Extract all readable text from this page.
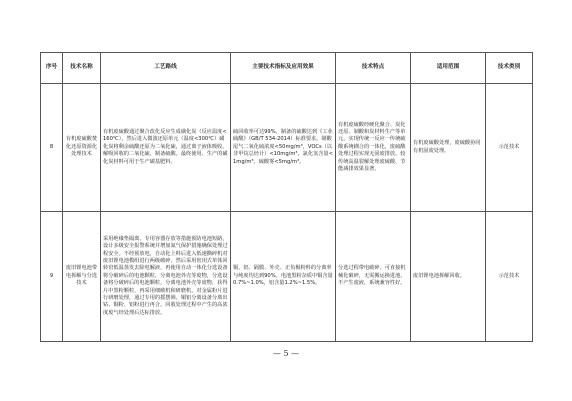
序号	技术名称	工艺路线	主要技术指标及应用效果	技术特点	适用范围	技术类别
8	有机废硫酸焚化还原资源化处理技术	有机废硫酸通过聚合改化反应生成磺化炭（反应温度<160℃），然后进入微波还原单元（温度<300℃）磺化炭将剩余硫酸还原为二氧化硫，通过离子液体吸收、解吸回收的二氧化硫，制备硫酸。最终使用、生产的磺化炭材料可用于生产碳基肥料。	硫回收率可达99%，制备的硫酸达到《工业硫酸》（GB/T 534-2014）标准要求。制酸尾气二氧化硫浓度<50mg/m³，VOCs（以非甲烷总烃计）<10mg/m³，氯化氢含量<1mg/m³，硫酸雾<5mg/m³。	有机废硫酸经硬化聚合、炭化还原、制酸和炭材料生产等单元，实现传统一反应一传统硫酸系统耦合的一体化，废硫酸处理过程实现无固废排放。较传统高温裂解处理废硫酸，节能减排效果显著。	有机废硫酸处理，废硫酸协同有机固废处理。	示范技术
9	废旧锂电池带电拆解与分选技术	采用绝缘垫隔离、专用容器存放等措施预防电池短路，设计多级安全报警系统并增加氮气保护措施确保处理过程安全。不经预放电，自动化上料后进入低速撕碎机对废旧锂电池模组进行两级破碎，然后采用密闭式单体回转窑低温蒸发去除电解液，再使用自动一体化分选设备将分破碎后的电池颗粒，分离电池外壳等废物，分选设备将分破碎后的电池颗粒，分离电池外壳等废物，获得片中黑粉颗粒，再采用细破机和研磨机，对金属粉片进行研磨处理，通过专用的摇摆筛、铜铝分离设备分离出钴、铜粉、铝粉进行再合。回收处理过程中产生的高浓度废气经处理后达标排放。	铜、铝、隔膜、外壳、正负极粉料的分离率与纯度均达到90%。电池黑粉杂质中铜含量0.7%~1.0%，铝含量1.2%~1.5%。	分选过程带电破碎，可直接机械化破碎，无需搬运换进池，不产生废液，系统兼容性好。	废旧锂电池拆解回收。	示范技术
— 5 —
